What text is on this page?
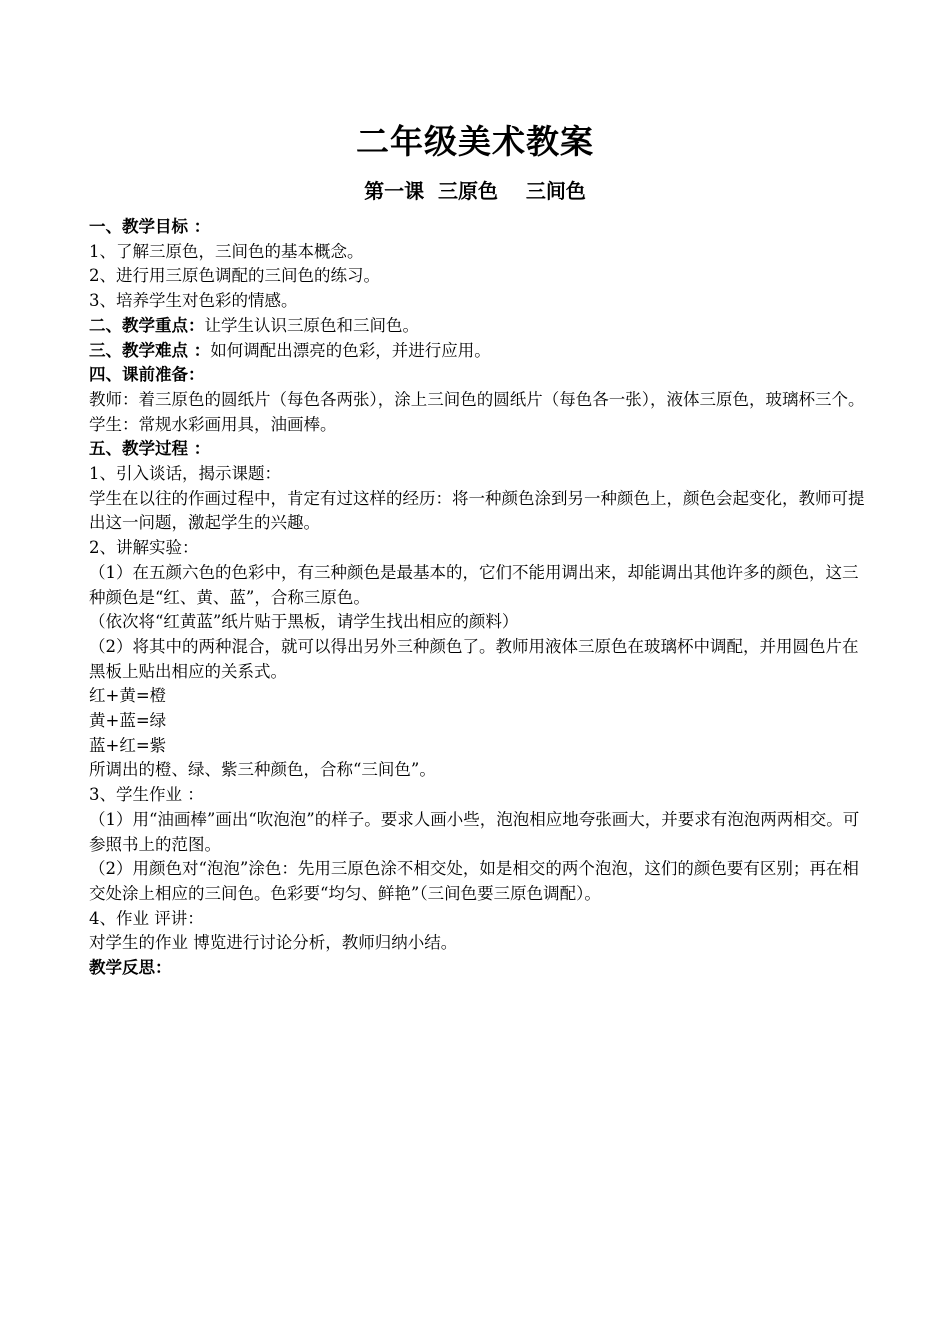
二年级美术教案
第一课  三原色    三间色

一、教学目标 ：

1、了解三原色，三间色的基本概念。

2、进行用三原色调配的三间色的练习。

3、培养学生对色彩的情感。

二、教学重点：让学生认识三原色和三间色。

三、教学难点 ：如何调配出漂亮的色彩，并进行应用。

四、课前准备：

教师：着三原色的圆纸片（每色各两张），涂上三间色的圆纸片（每色各一张），液体三原色，玻璃杯三个。

学生：常规水彩画用具，油画棒。

五、教学过程 ：

1、引入谈话，揭示课题：

学生在以往的作画过程中，肯定有过这样的经历：将一种颜色涂到另一种颜色上，颜色会起变化，教师可提出这一问题，激起学生的兴趣。

2、讲解实验：

（1）在五颜六色的色彩中，有三种颜色是最基本的，它们不能用调出来，却能调出其他许多的颜色，这三种颜色是“红、黄、蓝”，合称三原色。

（依次将“红黄蓝”纸片贴于黑板，请学生找出相应的颜料）

（2）将其中的两种混合，就可以得出另外三种颜色了。教师用液体三原色在玻璃杯中调配，并用圆色片在黑板上贴出相应的关系式。

红+黄=橙

黄+蓝=绿

蓝+红=紫

所调出的橙、绿、紫三种颜色，合称“三间色”。

3、学生作业 ：

（1）用“油画棒”画出“吹泡泡”的样子。要求人画小些，泡泡相应地夸张画大，并要求有泡泡两两相交。可参照书上的范图。

（2）用颜色对“泡泡”涂色：先用三原色涂不相交处，如是相交的两个泡泡，这们的颜色要有区别；再在相交处涂上相应的三间色。色彩要“均匀、鲜艳”（三间色要三原色调配）。

4、作业 评讲：

对学生的作业 博览进行讨论分析，教师归纳小结。

教学反思：
